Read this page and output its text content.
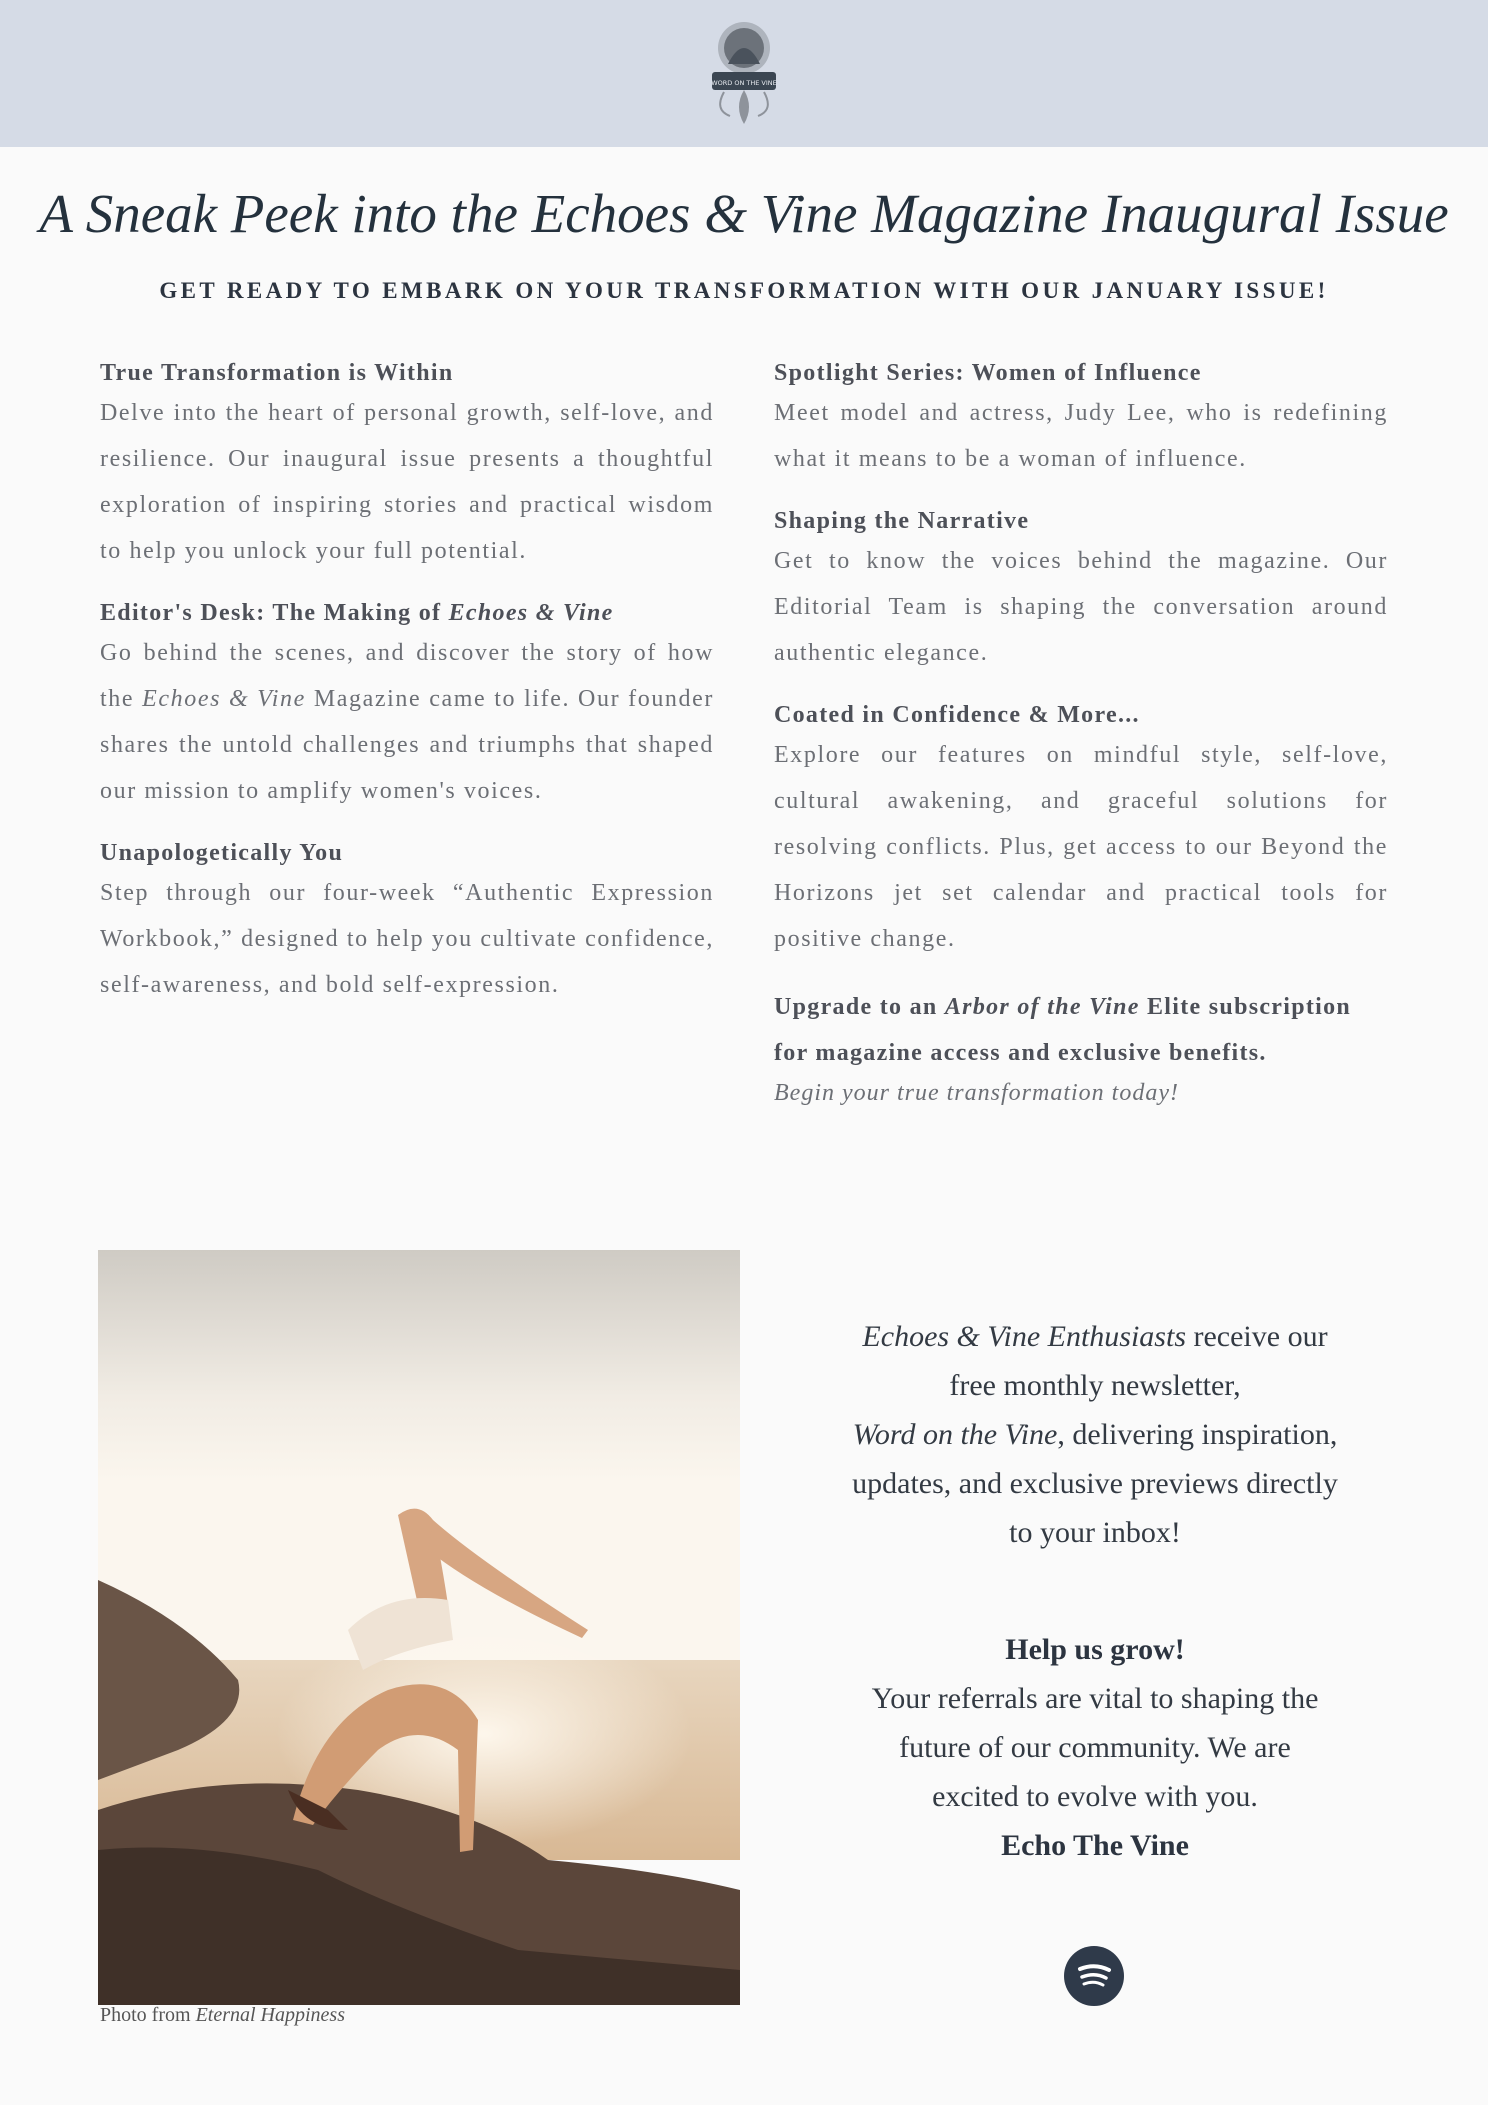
WORD ON THE VINE
A Sneak Peek into the Echoes & Vine Magazine Inaugural Issue
GET READY TO EMBARK ON YOUR TRANSFORMATION WITH OUR JANUARY ISSUE!
True Transformation is Within

Delve into the heart of personal growth, self-love, and resilience. Our inaugural issue presents a thoughtful exploration of inspiring stories and practical wisdom to help you unlock your full potential.

Editor's Desk: The Making of Echoes & Vine

Go behind the scenes, and discover the story of how the Echoes & Vine Magazine came to life. Our founder shares the untold challenges and triumphs that shaped our mission to amplify women's voices.

Unapologetically You

Step through our four-week “Authentic Expression Workbook,” designed to help you cultivate confidence, self-awareness, and bold self-expression.

Spotlight Series: Women of Influence

Meet model and actress, Judy Lee, who is redefining what it means to be a woman of influence.

Shaping the Narrative

Get to know the voices behind the magazine. Our Editorial Team is shaping the conversation around authentic elegance.

Coated in Confidence & More...

Explore our features on mindful style, self-love, cultural awakening, and graceful solutions for resolving conflicts. Plus, get access to our Beyond the Horizons jet set calendar and practical tools for positive change.

Upgrade to an Arbor of the Vine Elite subscription for magazine access and exclusive benefits.
Begin your true transformation today!
Photo from Eternal Happiness
Echoes & Vine Enthusiasts receive our
free monthly newsletter,
Word on the Vine, delivering inspiration,
updates, and exclusive previews directly
to your inbox!
Help us grow!
Your referrals are vital to shaping the
future of our community. We are
excited to evolve with you.
Echo The Vine
